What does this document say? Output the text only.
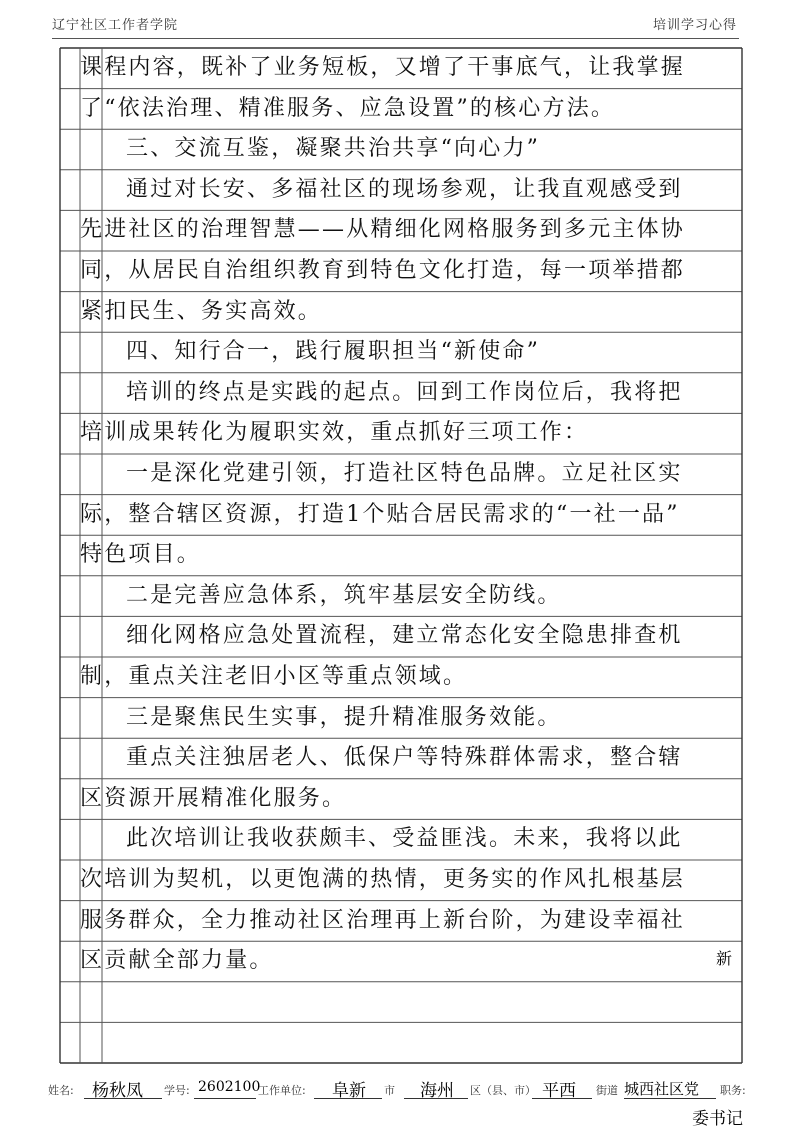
辽宁社区工作者学院	培训学习心得
课程内容，既补了业务短板，又增了干事底气，让我掌握
了“依法治理、精准服务、应急设置”的核心方法。
三、交流互鉴，凝聚共治共享“向心力”
通过对长安、多福社区的现场参观，让我直观感受到
先进社区的治理智慧——从精细化网格服务到多元主体协
同，从居民自治组织教育到特色文化打造，每一项举措都
紧扣民生、务实高效。
四、知行合一，践行履职担当“新使命”
培训的终点是实践的起点。回到工作岗位后，我将把
培训成果转化为履职实效，重点抓好三项工作：
一是深化党建引领，打造社区特色品牌。立足社区实
际，整合辖区资源，打造1个贴合居民需求的“一社一品”
特色项目。
二是完善应急体系，筑牢基层安全防线。
细化网格应急处置流程，建立常态化安全隐患排查机
制，重点关注老旧小区等重点领域。
三是聚焦民生实事，提升精准服务效能。
重点关注独居老人、低保户等特殊群体需求，整合辖
区资源开展精准化服务。
此次培训让我收获颇丰、受益匪浅。未来，我将以此
次培训为契机，以更饱满的热情，更务实的作风扎根基层
服务群众，全力推动社区治理再上新台阶，为建设幸福社
区贡献全部力量。	新
姓名: 杨秋凤 学号: 2602100
工作单位: 阜新 市 海州 区（县、市） 平西 街道 城西社区党 职务:
委书记
